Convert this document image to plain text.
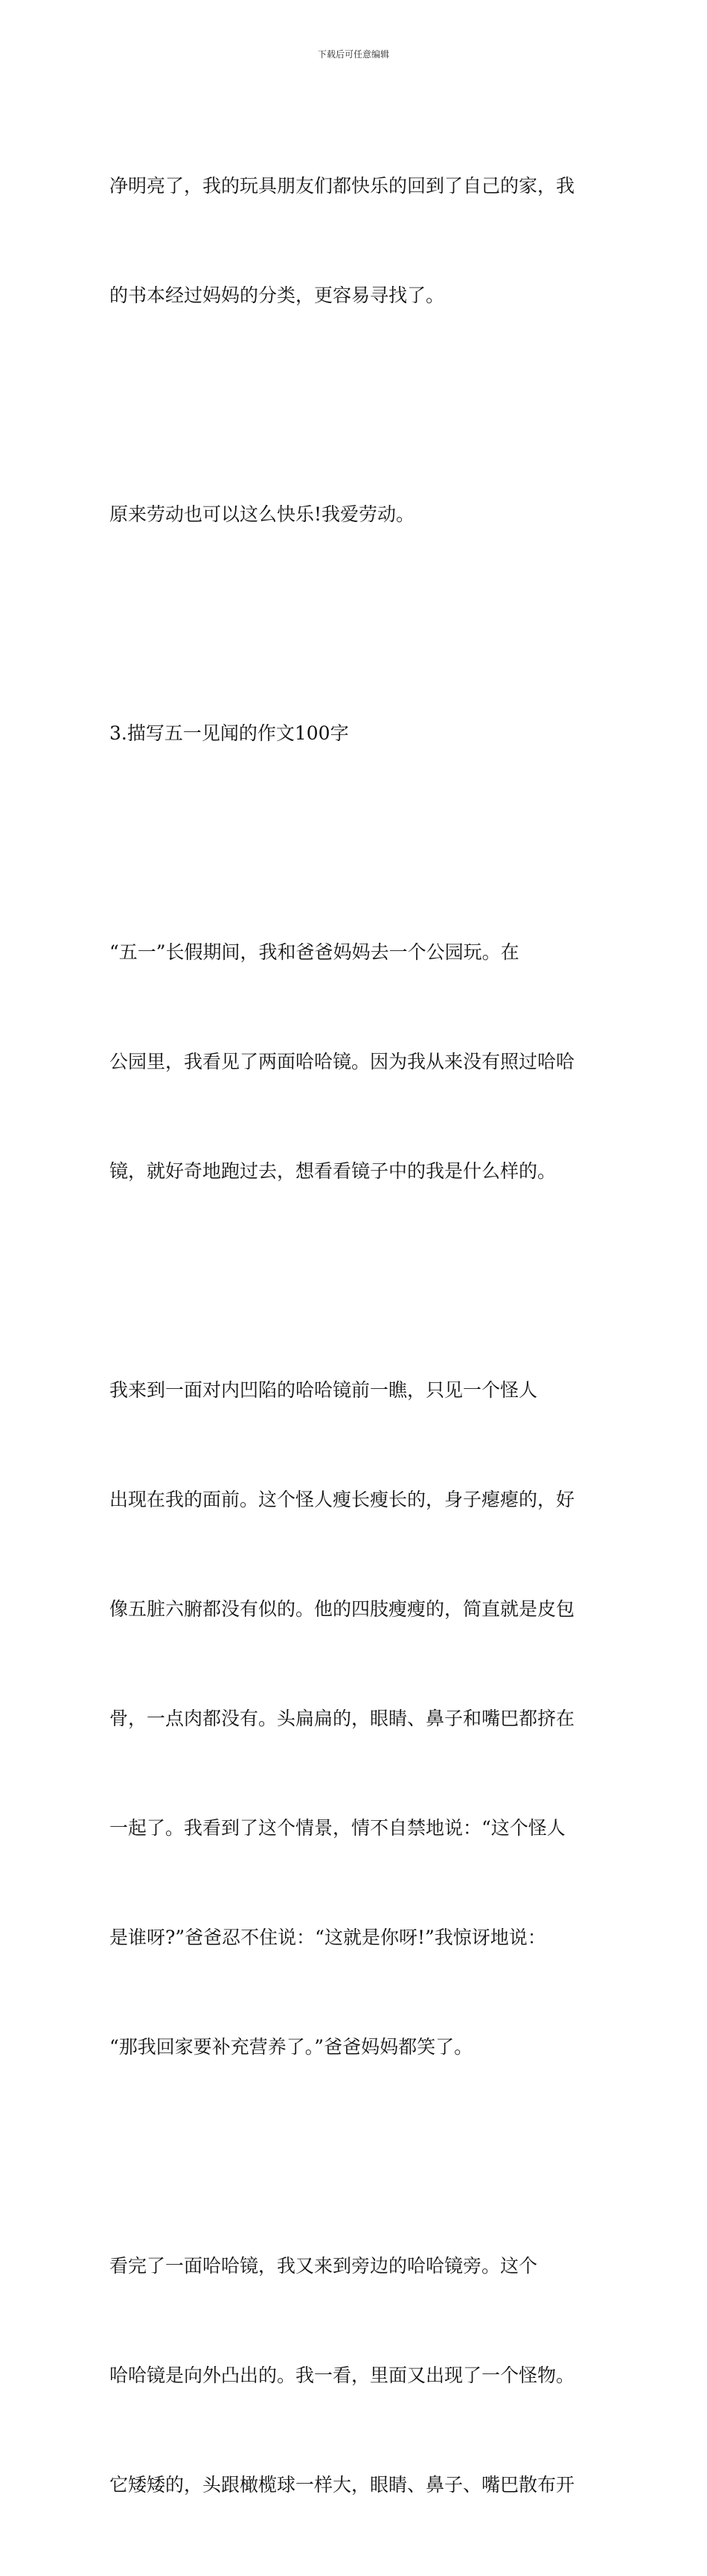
下载后可任意编辑

净明亮了，我的玩具朋友们都快乐的回到了自己的家，我

的书本经过妈妈的分类，更容易寻找了。

原来劳动也可以这么快乐!我爱劳动。

3.描写五一见闻的作文100字

“五一”长假期间，我和爸爸妈妈去一个公园玩。在

公园里，我看见了两面哈哈镜。因为我从来没有照过哈哈

镜，就好奇地跑过去，想看看镜子中的我是什么样的。

我来到一面对内凹陷的哈哈镜前一瞧，只见一个怪人

出现在我的面前。这个怪人瘦长瘦长的，身子瘪瘪的，好

像五脏六腑都没有似的。他的四肢瘦瘦的，简直就是皮包

骨，一点肉都没有。头扁扁的，眼睛、鼻子和嘴巴都挤在

一起了。我看到了这个情景，情不自禁地说：“这个怪人

是谁呀?”爸爸忍不住说：“这就是你呀!”我惊讶地说：

“那我回家要补充营养了。”爸爸妈妈都笑了。

看完了一面哈哈镜，我又来到旁边的哈哈镜旁。这个

哈哈镜是向外凸出的。我一看，里面又出现了一个怪物。

它矮矮的，头跟橄榄球一样大，眼睛、鼻子、嘴巴散布开
